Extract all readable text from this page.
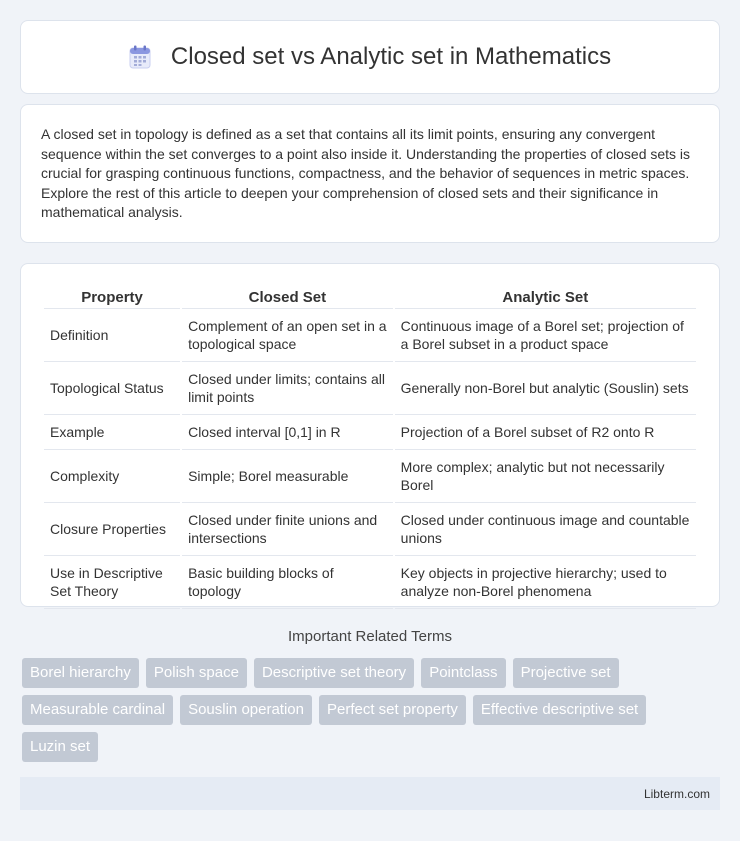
Closed set vs Analytic set in Mathematics

A closed set in topology is defined as a set that contains all its limit points, ensuring any convergent sequence within the set converges to a point also inside it. Understanding the properties of closed sets is crucial for grasping continuous functions, compactness, and the behavior of sequences in metric spaces. Explore the rest of this article to deepen your comprehension of closed sets and their significance in mathematical analysis.

Property	Closed Set	Analytic Set
Definition	Complement of an open set in a topological space	Continuous image of a Borel set; projection of a Borel subset in a product space
Topological Status	Closed under limits; contains all limit points	Generally non-Borel but analytic (Souslin) sets
Example	Closed interval [0,1] in R	Projection of a Borel subset of R2 onto R
Complexity	Simple; Borel measurable	More complex; analytic but not necessarily Borel
Closure Properties	Closed under finite unions and intersections	Closed under continuous image and countable unions
Use in Descriptive Set Theory	Basic building blocks of topology	Key objects in projective hierarchy; used to analyze non-Borel phenomena
Important Related Terms
Borel hierarchy	Polish space	Descriptive set theory	Pointclass	Projective set
Measurable cardinal	Souslin operation	Perfect set property	Effective descriptive set
Luzin set
Libterm.com
